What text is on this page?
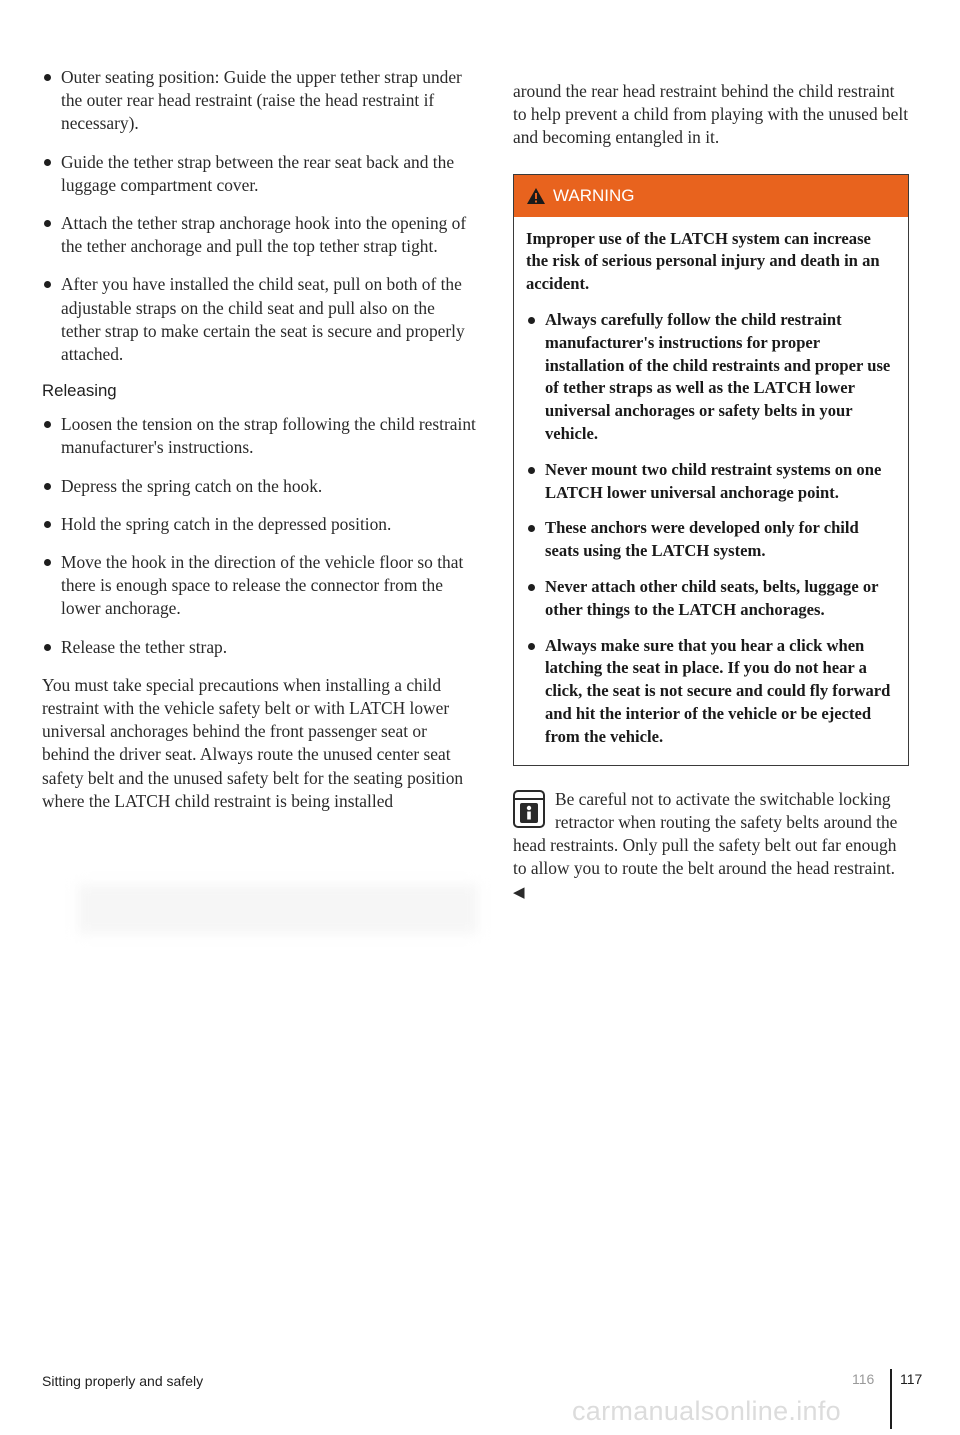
Outer seating position: Guide the upper tether strap under the outer rear head restraint (raise the head restraint if necessary).
Guide the tether strap between the rear seat back and the luggage compartment cover.
Attach the tether strap anchorage hook into the opening of the tether anchorage and pull the top tether strap tight.
After you have installed the child seat, pull on both of the adjustable straps on the child seat and pull also on the tether strap to make certain the seat is secure and properly attached.
Releasing
Loosen the tension on the strap following the child restraint manufacturer's instructions.
Depress the spring catch on the hook.
Hold the spring catch in the depressed position.
Move the hook in the direction of the vehicle floor so that there is enough space to release the connector from the lower anchorage.
Release the tether strap.

You must take special precautions when installing a child restraint with the vehicle safety belt or with LATCH lower universal anchorages behind the front passenger seat or behind the driver seat. Always route the unused center seat safety belt and the unused safety belt for the seating position where the LATCH child restraint is being installed

around the rear head restraint behind the child restraint to help prevent a child from playing with the unused belt and becoming entangled in it.

WARNING

Improper use of the LATCH system can increase the risk of serious personal injury and death in an accident.

Always carefully follow the child restraint manufacturer's instructions for proper installation of the child restraints and proper use of tether straps as well as the LATCH lower universal anchorages or safety belts in your vehicle.
Never mount two child restraint systems on one LATCH lower universal anchorage point.
These anchors were developed only for child seats using the LATCH system.
Never attach other child seats, belts, luggage or other things to the LATCH anchorages.
Always make sure that you hear a click when latching the seat in place. If you do not hear a click, the seat is not secure and could fly forward and hit the interior of the vehicle or be ejected from the vehicle.
Be careful not to activate the switchable locking retractor when routing the safety belts around the head restraints. Only pull the safety belt out far enough to allow you to route the belt around the head restraint. ◀
Sitting properly and safely	116	117
carmanualsonline.info
